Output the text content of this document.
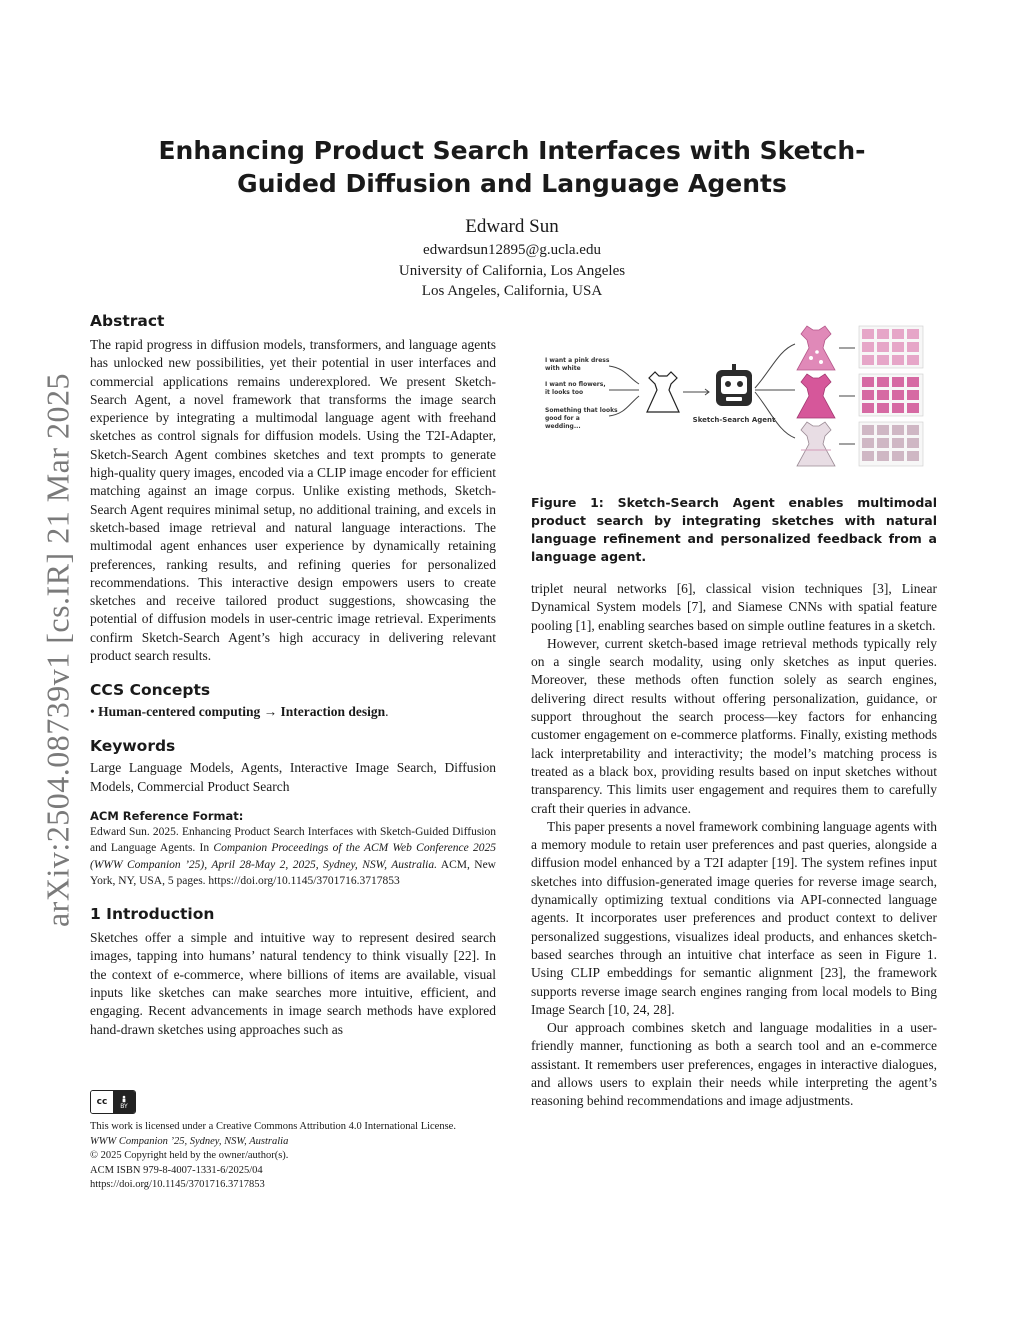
arXiv:2504.08739v1 [cs.IR] 21 Mar 2025
Enhancing Product Search Interfaces with Sketch-Guided Diffusion and Language Agents
Edward Sun
edwardsun12895@g.ucla.edu
University of California, Los Angeles
Los Angeles, California, USA
Abstract

The rapid progress in diffusion models, transformers, and language agents has unlocked new possibilities, yet their potential in user interfaces and commercial applications remains underexplored. We present Sketch-Search Agent, a novel framework that transforms the image search experience by integrating a multimodal language agent with freehand sketches as control signals for diffusion models. Using the T2I-Adapter, Sketch-Search Agent combines sketches and text prompts to generate high-quality query images, encoded via a CLIP image encoder for efficient matching against an image corpus. Unlike existing methods, Sketch-Search Agent requires minimal setup, no additional training, and excels in sketch-based image retrieval and natural language interactions. The multimodal agent enhances user experience by dynamically retaining preferences, ranking results, and refining queries for personalized recommendations. This interactive design empowers users to create sketches and receive tailored product suggestions, showcasing the potential of diffusion models in user-centric image retrieval. Experiments confirm Sketch-Search Agent’s high accuracy in delivering relevant product search results.

CCS Concepts
• Human-centered computing → Interaction design.
Keywords

Large Language Models, Agents, Interactive Image Search, Diffusion Models, Commercial Product Search

ACM Reference Format:
Edward Sun. 2025. Enhancing Product Search Interfaces with Sketch-Guided Diffusion and Language Agents. In Companion Proceedings of the ACM Web Conference 2025 (WWW Companion ’25), April 28-May 2, 2025, Sydney, NSW, Australia. ACM, New York, NY, USA, 5 pages. https://doi.org/10.1145/3701716.3717853
1 Introduction

Sketches offer a simple and intuitive way to represent desired search images, tapping into humans’ natural tendency to think visually [22]. In the context of e-commerce, where billions of items are available, visual inputs like sketches can make searches more intuitive, efficient, and engaging. Recent advancements in image search methods have explored hand-drawn sketches using approaches such as

cc BY
This work is licensed under a Creative Commons Attribution 4.0 International License.
WWW Companion ’25, Sydney, NSW, Australia
© 2025 Copyright held by the owner/author(s).
ACM ISBN 979-8-4007-1331-6/2025/04
https://doi.org/10.1145/3701716.3717853
I want a pink dress with white
I want no flowers, it looks too
Something that looks good for a wedding...
Sketch-Search Agent
Figure 1: Sketch-Search Agent enables multimodal product search by integrating sketches with natural language refinement and personalized feedback from a language agent.

triplet neural networks [6], classical vision techniques [3], Linear Dynamical System models [7], and Siamese CNNs with spatial feature pooling [1], enabling searches based on simple outline features in a sketch.

However, current sketch-based image retrieval methods typically rely on a single search modality, using only sketches as input queries. Moreover, these methods often function solely as search engines, delivering direct results without offering personalization, guidance, or support throughout the search process—key factors for enhancing customer engagement on e-commerce platforms. Finally, existing methods lack interpretability and interactivity; the model’s matching process is treated as a black box, providing results based on input sketches without transparency. This limits user engagement and requires them to carefully craft their queries in advance.

This paper presents a novel framework combining language agents with a memory module to retain user preferences and past queries, alongside a diffusion model enhanced by a T2I adapter [19]. The system refines input sketches into diffusion-generated image queries for reverse image search, dynamically optimizing textual conditions via API-connected language agents. It incorporates user preferences and product context to deliver personalized suggestions, visualizes ideal products, and enhances sketch-based searches through an intuitive chat interface as seen in Figure 1. Using CLIP embeddings for semantic alignment [23], the framework supports reverse image search engines ranging from local models to Bing Image Search [10, 24, 28].

Our approach combines sketch and language modalities in a user-friendly manner, functioning as both a search tool and an e-commerce assistant. It remembers user preferences, engages in interactive dialogues, and allows users to explain their needs while interpreting the agent’s reasoning behind recommendations and image adjustments.
